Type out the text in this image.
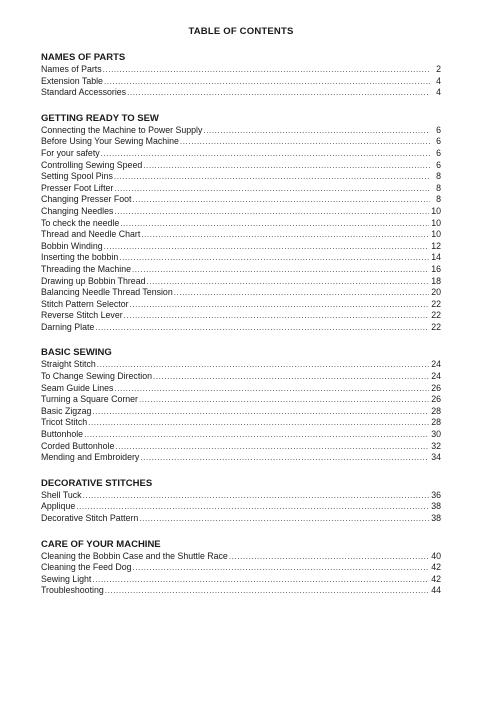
TABLE OF CONTENTS
NAMES OF PARTS
Names of Parts .....	2
Extension Table .....	4
Standard Accessories .....	4
GETTING READY TO SEW
Connecting the Machine to Power Supply .....	6
Before Using Your Sewing Machine .....	6
For your safety .....	6
Controlling Sewing Speed .....	6
Setting Spool Pins .....	8
Presser Foot Lifter .....	8
Changing Presser Foot .....	8
Changing Needles .....	10
To check the needle .....	10
Thread and Needle Chart .....	10
Bobbin Winding .....	12
Inserting the bobbin .....	14
Threading the Machine .....	16
Drawing up Bobbin Thread .....	18
Balancing Needle Thread Tension .....	20
Stitch Pattern Selector .....	22
Reverse Stitch Lever .....	22
Darning Plate .....	22
BASIC SEWING
Straight Stitch .....	24
To Change Sewing Direction .....	24
Seam Guide Lines .....	26
Turning a Square Corner .....	26
Basic Zigzag .....	28
Tricot Stitch .....	28
Buttonhole .....	30
Corded Buttonhole .....	32
Mending and Embroidery .....	34
DECORATIVE STITCHES
Shell Tuck .....	36
Applique .....	38
Decorative Stitch Pattern .....	38
CARE OF YOUR MACHINE
Cleaning the Bobbin Case and the Shuttle Race .....	40
Cleaning the Feed Dog .....	42
Sewing Light .....	42
Troubleshooting .....	44
